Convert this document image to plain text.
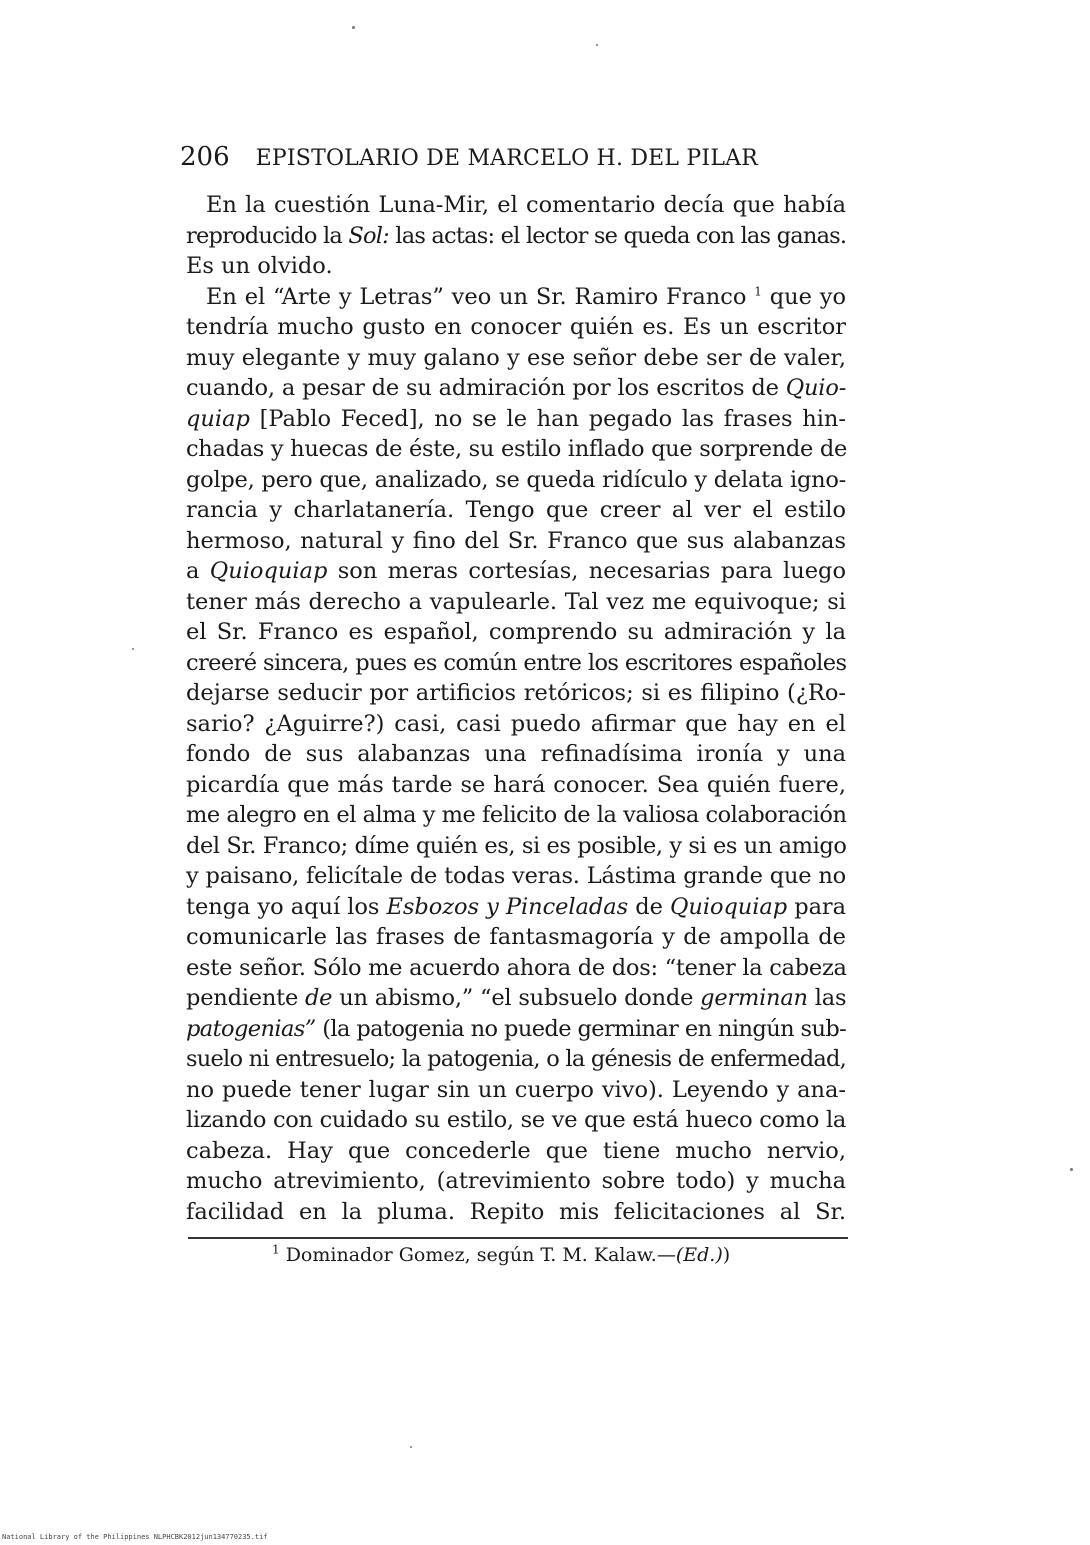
206 EPISTOLARIO DE MARCELO H. DEL PILAR
En la cuestión Luna-Mir, el comentario decía que había
reproducido la Sol: las actas: el lector se queda con las ganas.
Es un olvido.
En el “Arte y Letras” veo un Sr. Ramiro Franco $^1$ que yo
tendría mucho gusto en conocer quién es. Es un escritor
muy elegante y muy galano y ese señor debe ser de valer,
cuando, a pesar de su admiración por los escritos de Quio-
quiap [Pablo Feced], no se le han pegado las frases hin-
chadas y huecas de éste, su estilo inflado que sorprende de
golpe, pero que, analizado, se queda ridículo y delata igno-
rancia y charlatanería. Tengo que creer al ver el estilo
hermoso, natural y fino del Sr. Franco que sus alabanzas
a Quioquiap son meras cortesías, necesarias para luego
tener más derecho a vapulearle. Tal vez me equivoque; si
el Sr. Franco es español, comprendo su admiración y la
creeré sincera, pues es común entre los escritores españoles
dejarse seducir por artificios retóricos; si es filipino (¿Ro-
sario? ¿Aguirre?) casi, casi puedo afirmar que hay en el
fondo de sus alabanzas una refinadísima ironía y una
picardía que más tarde se hará conocer. Sea quién fuere,
me alegro en el alma y me felicito de la valiosa colaboración
del Sr. Franco; díme quién es, si es posible, y si es un amigo
y paisano, felicítale de todas veras. Lástima grande que no
tenga yo aquí los Esbozos y Pinceladas de Quioquiap para
comunicarle las frases de fantasmagoría y de ampolla de
este señor. Sólo me acuerdo ahora de dos: “tener la cabeza
pendiente de un abismo,” “el subsuelo donde germinan las
patogenias” (la patogenia no puede germinar en ningún sub-
suelo ni entresuelo; la patogenia, o la génesis de enfermedad,
no puede tener lugar sin un cuerpo vivo). Leyendo y ana-
lizando con cuidado su estilo, se ve que está hueco como la
cabeza. Hay que concederle que tiene mucho nervio,
mucho atrevimiento, (atrevimiento sobre todo) y mucha
facilidad en la pluma. Repito mis felicitaciones al Sr.
$^1$ Dominador Gomez, según T. M. Kalaw.—(Ed.))
National Library of the Philippines NLPHCBK2012jun134770235.tif
